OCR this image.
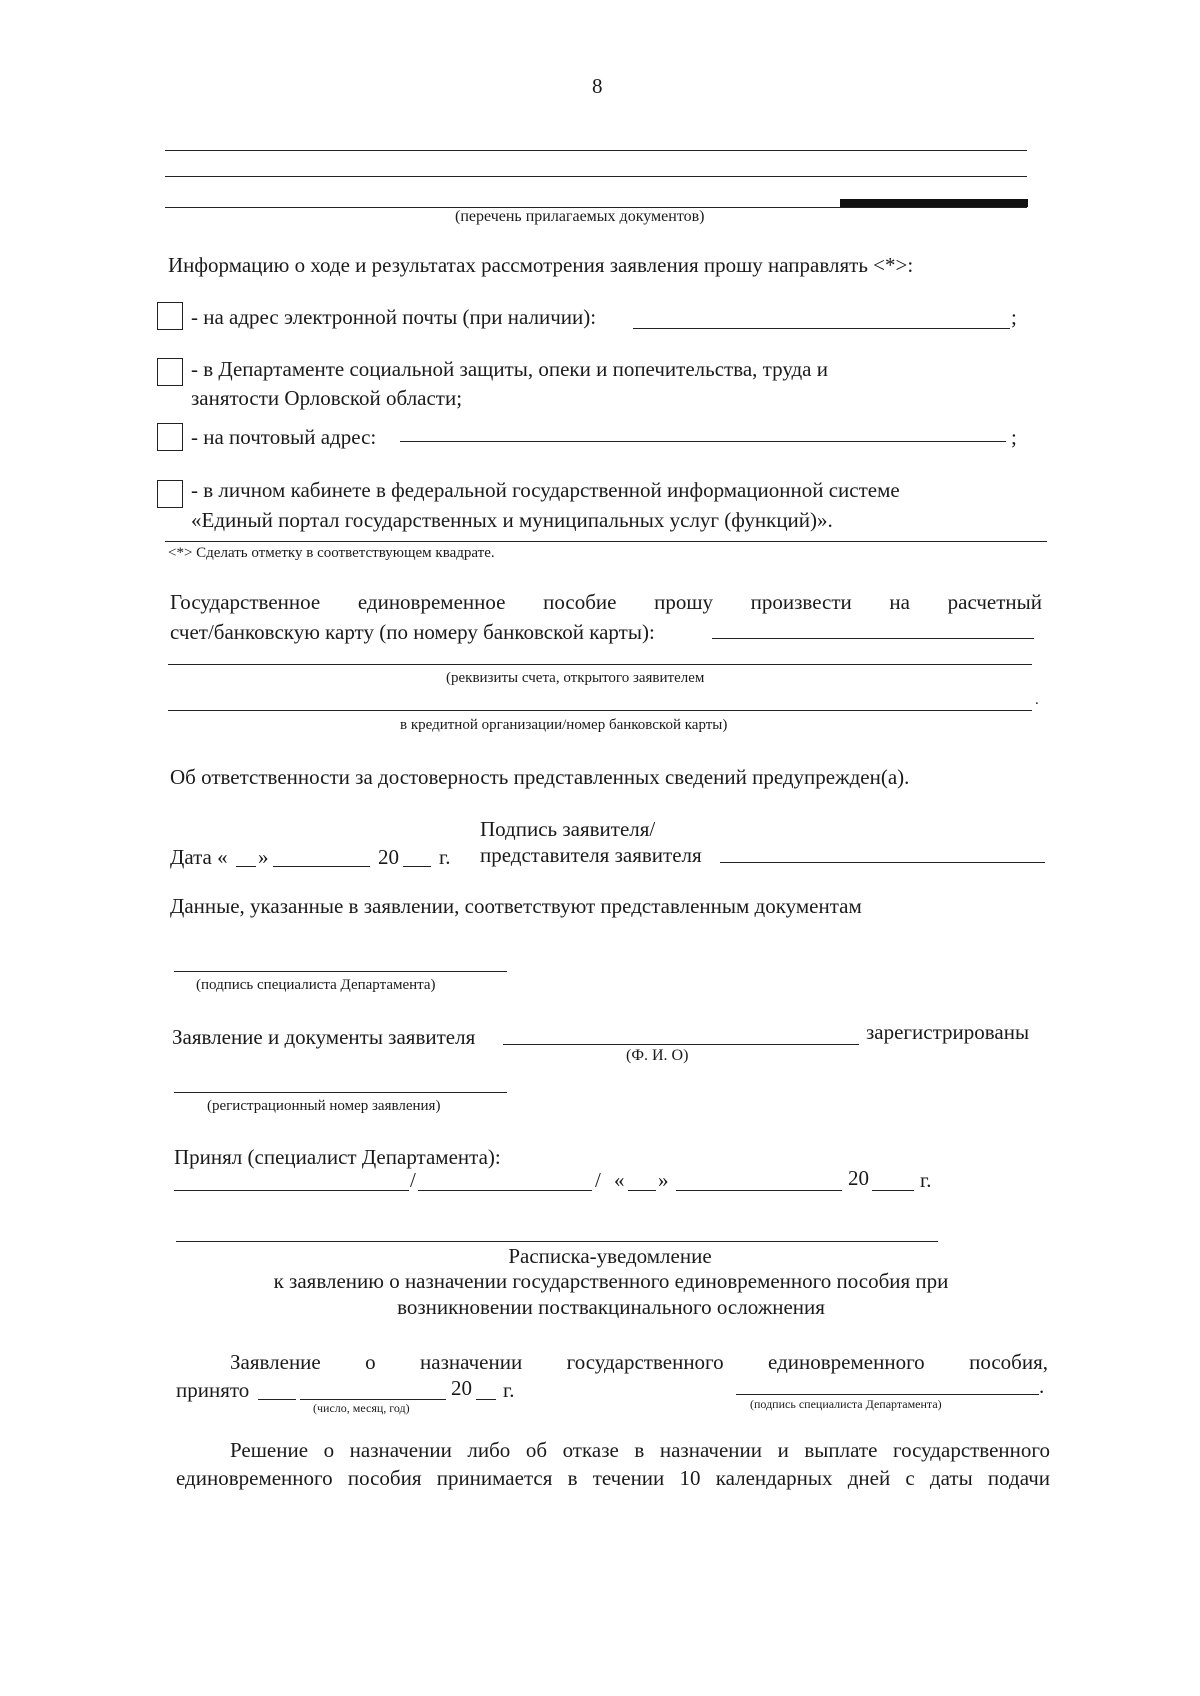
8
(перечень прилагаемых документов)
Информацию о ходе и результатах рассмотрения заявления прошу направлять <*>:
- на адрес электронной почты (при наличии):	;
- в Департаменте социальной защиты, опеки и попечительства, труда и
занятости Орловской области;
- на почтовый адрес:	;
- в личном кабинете в федеральной государственной информационной системе
«Единый портал государственных и муниципальных услуг (функций)».
<*> Сделать отметку в соответствующем квадрате.
Государственное единовременное пособие прошу произвести на расчетный
счет/банковскую карту (по номеру банковской карты):
(реквизиты счета, открытого заявителем
.
в кредитной организации/номер банковской карты)
Об ответственности за достоверность представленных сведений предупрежден(а).
Подпись заявителя/
Дата « »	20 г. представителя заявителя
Данные, указанные в заявлении, соответствуют представленным документам
(подпись специалиста Департамента)
Заявление и документы заявителя	зарегистрированы
(Ф. И. О)
(регистрационный номер заявления)
Принял (специалист Департамента):
/	/ « »	20 г.
Расписка-уведомление
к заявлению о назначении государственного единовременного пособия при
возникновении поствакцинального осложнения
Заявление о назначении государственного единовременного пособия,
принято	20 г.
(число, месяц, год)
.
(подпись специалиста Департамента)
Решение о назначении либо об отказе в назначении и выплате государственного
единовременного пособия принимается в течении 10 календарных дней с даты подачи
